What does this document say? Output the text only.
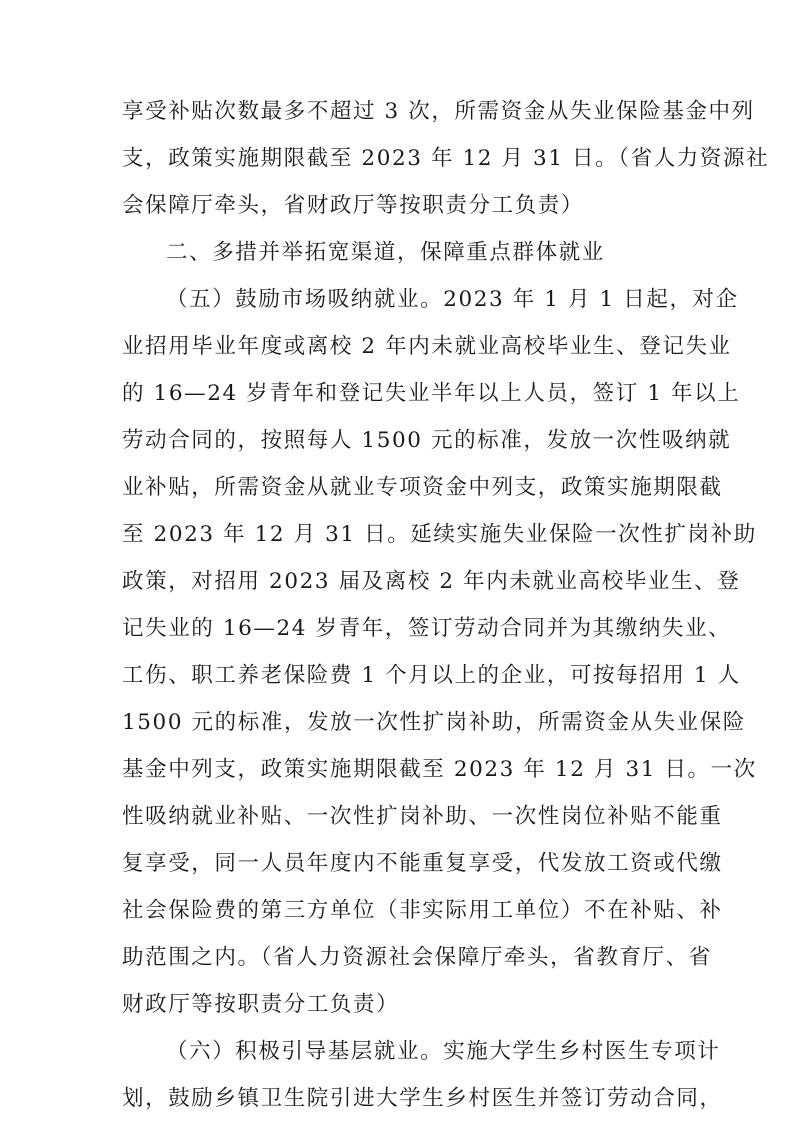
享受补贴次数最多不超过 3 次，所需资金从失业保险基金中列
支，政策实施期限截至 2023 年 12 月 31 日。（省人力资源社
会保障厅牵头，省财政厅等按职责分工负责）
二、多措并举拓宽渠道，保障重点群体就业
（五）鼓励市场吸纳就业。2023 年 1 月 1 日起，对企
业招用毕业年度或离校 2 年内未就业高校毕业生、登记失业
的 16—24 岁青年和登记失业半年以上人员，签订 1 年以上
劳动合同的，按照每人 1500 元的标准，发放一次性吸纳就
业补贴，所需资金从就业专项资金中列支，政策实施期限截
至 2023 年 12 月 31 日。延续实施失业保险一次性扩岗补助
政策，对招用 2023 届及离校 2 年内未就业高校毕业生、登
记失业的 16—24 岁青年，签订劳动合同并为其缴纳失业、
工伤、职工养老保险费 1 个月以上的企业，可按每招用 1 人
1500 元的标准，发放一次性扩岗补助，所需资金从失业保险
基金中列支，政策实施期限截至 2023 年 12 月 31 日。一次
性吸纳就业补贴、一次性扩岗补助、一次性岗位补贴不能重
复享受，同一人员年度内不能重复享受，代发放工资或代缴
社会保险费的第三方单位（非实际用工单位）不在补贴、补
助范围之内。（省人力资源社会保障厅牵头，省教育厅、省
财政厅等按职责分工负责）
（六）积极引导基层就业。实施大学生乡村医生专项计
划，鼓励乡镇卫生院引进大学生乡村医生并签订劳动合同，
